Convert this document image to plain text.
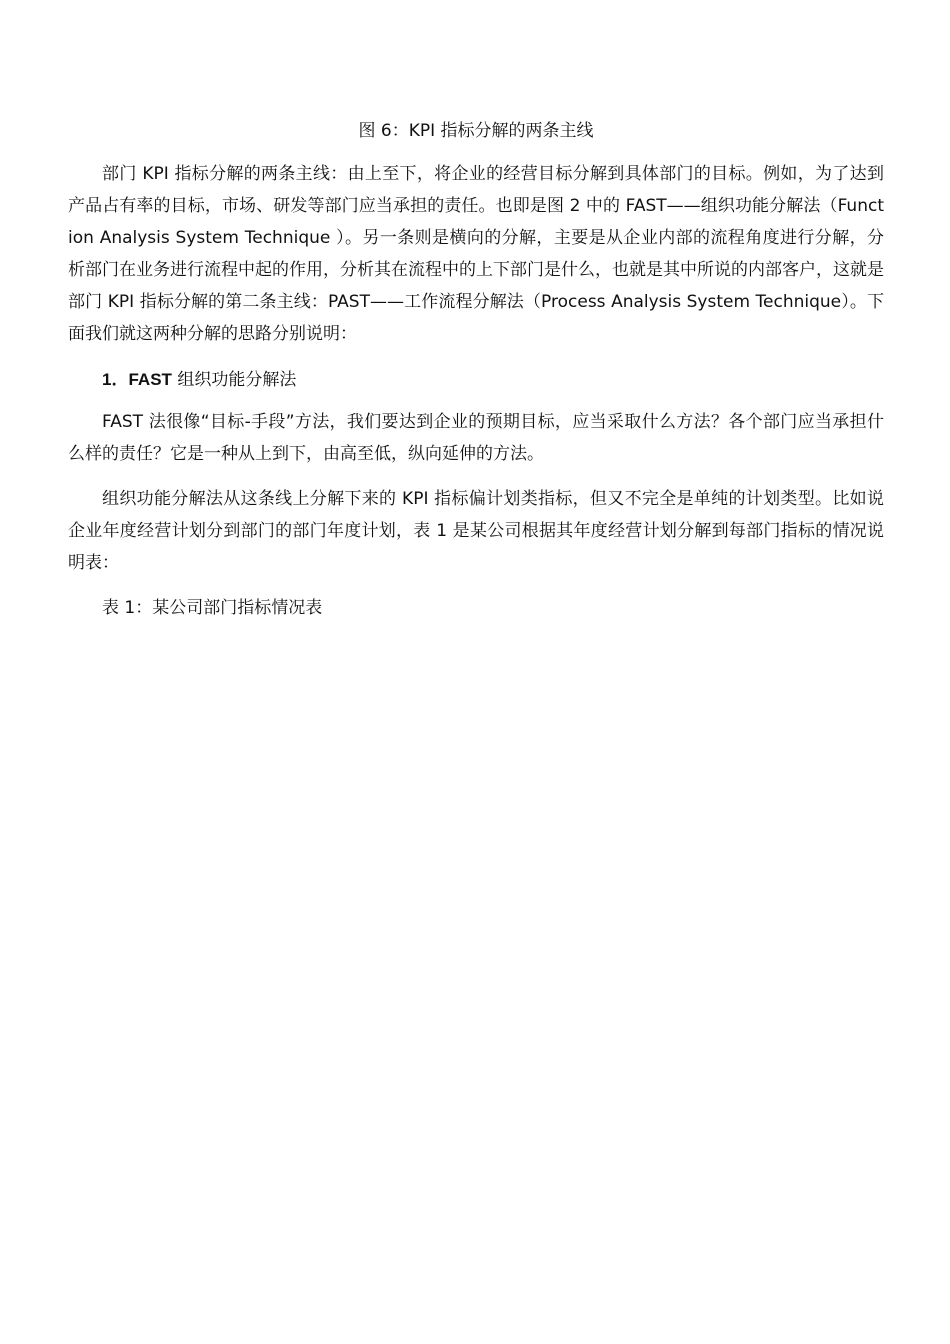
图 6：KPI 指标分解的两条主线

部门 KPI 指标分解的两条主线：由上至下，将企业的经营目标分解到具体部门的目标。例如，为了达到产品占有率的目标，市场、研发等部门应当承担的责任。也即是图 2 中的 FAST——组织功能分解法（Function Analysis System Technique ）。另一条则是横向的分解，主要是从企业内部的流程角度进行分解，分析部门在业务进行流程中起的作用，分析其在流程中的上下部门是什么，也就是其中所说的内部客户，这就是部门 KPI 指标分解的第二条主线：PAST——工作流程分解法（Process Analysis System Technique）。下面我们就这两种分解的思路分别说明：

1．FAST 组织功能分解法

FAST 法很像“目标-手段”方法，我们要达到企业的预期目标，应当采取什么方法？各个部门应当承担什么样的责任？它是一种从上到下，由高至低，纵向延伸的方法。

组织功能分解法从这条线上分解下来的 KPI 指标偏计划类指标，但又不完全是单纯的计划类型。比如说企业年度经营计划分到部门的部门年度计划，表 1 是某公司根据其年度经营计划分解到每部门指标的情况说明表：

表 1：某公司部门指标情况表
